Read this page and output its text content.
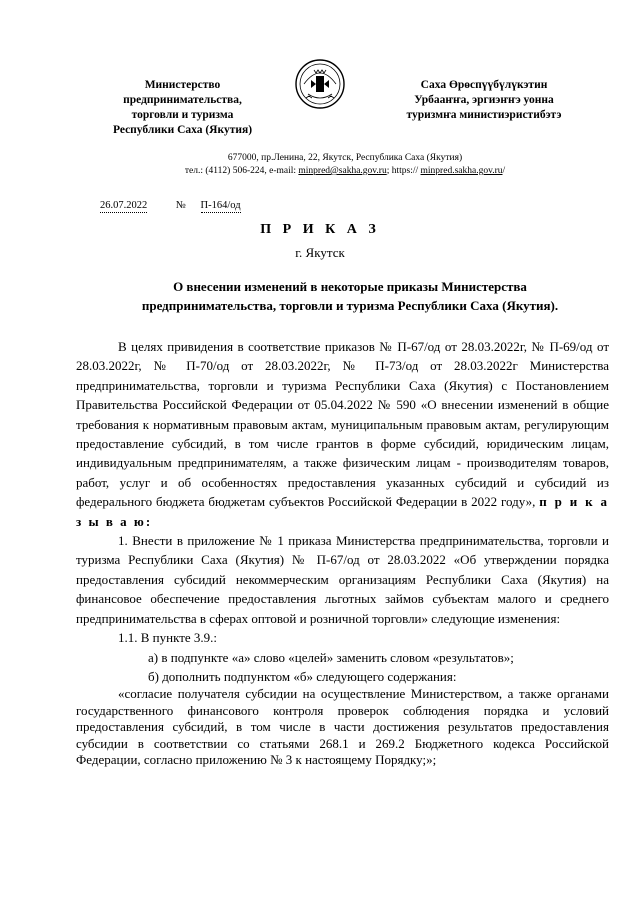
Министерство
предпринимательства,
торговли и туризма
Республики Саха (Якутия)
Саха Өрөспүүбүлүкэтин
Урбааҥҥа, эргиэҥҥэ уонна
туризмҥа министиэристибэтэ
677000, пр.Ленина, 22, Якутск, Республика Саха (Якутия)
тел.: (4112) 506-224, e-mail: minpred@sakha.gov.ru; https:// minpred.sakha.gov.ru/
26.07.2022	№ П-164/од
П Р И К А З
г. Якутск
О внесении изменений в некоторые приказы Министерства
предпринимательства, торговли и туризма Республики Саха (Якутия).

В целях привидения в соответствие приказов № П-67/од от 28.03.2022г, № П-69/од от 28.03.2022г, № П-70/од от 28.03.2022г, № П-73/од от 28.03.2022г Министерства предпринимательства, торговли и туризма Республики Саха (Якутия) с Постановлением Правительства Российской Федерации от 05.04.2022 № 590 «О внесении изменений в общие требования к нормативным правовым актам, муниципальным правовым актам, регулирующим предоставление субсидий, в том числе грантов в форме субсидий, юридическим лицам, индивидуальным предпринимателям, а также физическим лицам - производителям товаров, работ, услуг и об особенностях предоставления указанных субсидий и субсидий из федерального бюджета бюджетам субъектов Российской Федерации в 2022 году», п р и к а з ы в а ю:

1. Внести в приложение № 1 приказа Министерства предпринимательства, торговли и туризма Республики Саха (Якутия) № П-67/од от 28.03.2022 «Об утверждении порядка предоставления субсидий некоммерческим организациям Республики Саха (Якутия) на финансовое обеспечение предоставления льготных займов субъектам малого и среднего предпринимательства в сферах оптовой и розничной торговли» следующие изменения:

1.1. В пункте 3.9.:

а) в подпункте «а» слово «целей» заменить словом «результатов»;

б) дополнить подпунктом «б» следующего содержания:

«согласие получателя субсидии на осуществление Министерством, а также органами государственного финансового контроля проверок соблюдения порядка и условий предоставления субсидий, в том числе в части достижения результатов предоставления субсидии в соответствии со статьями 268.1 и 269.2 Бюджетного кодекса Российской Федерации, согласно приложению № 3 к настоящему Порядку;»;
